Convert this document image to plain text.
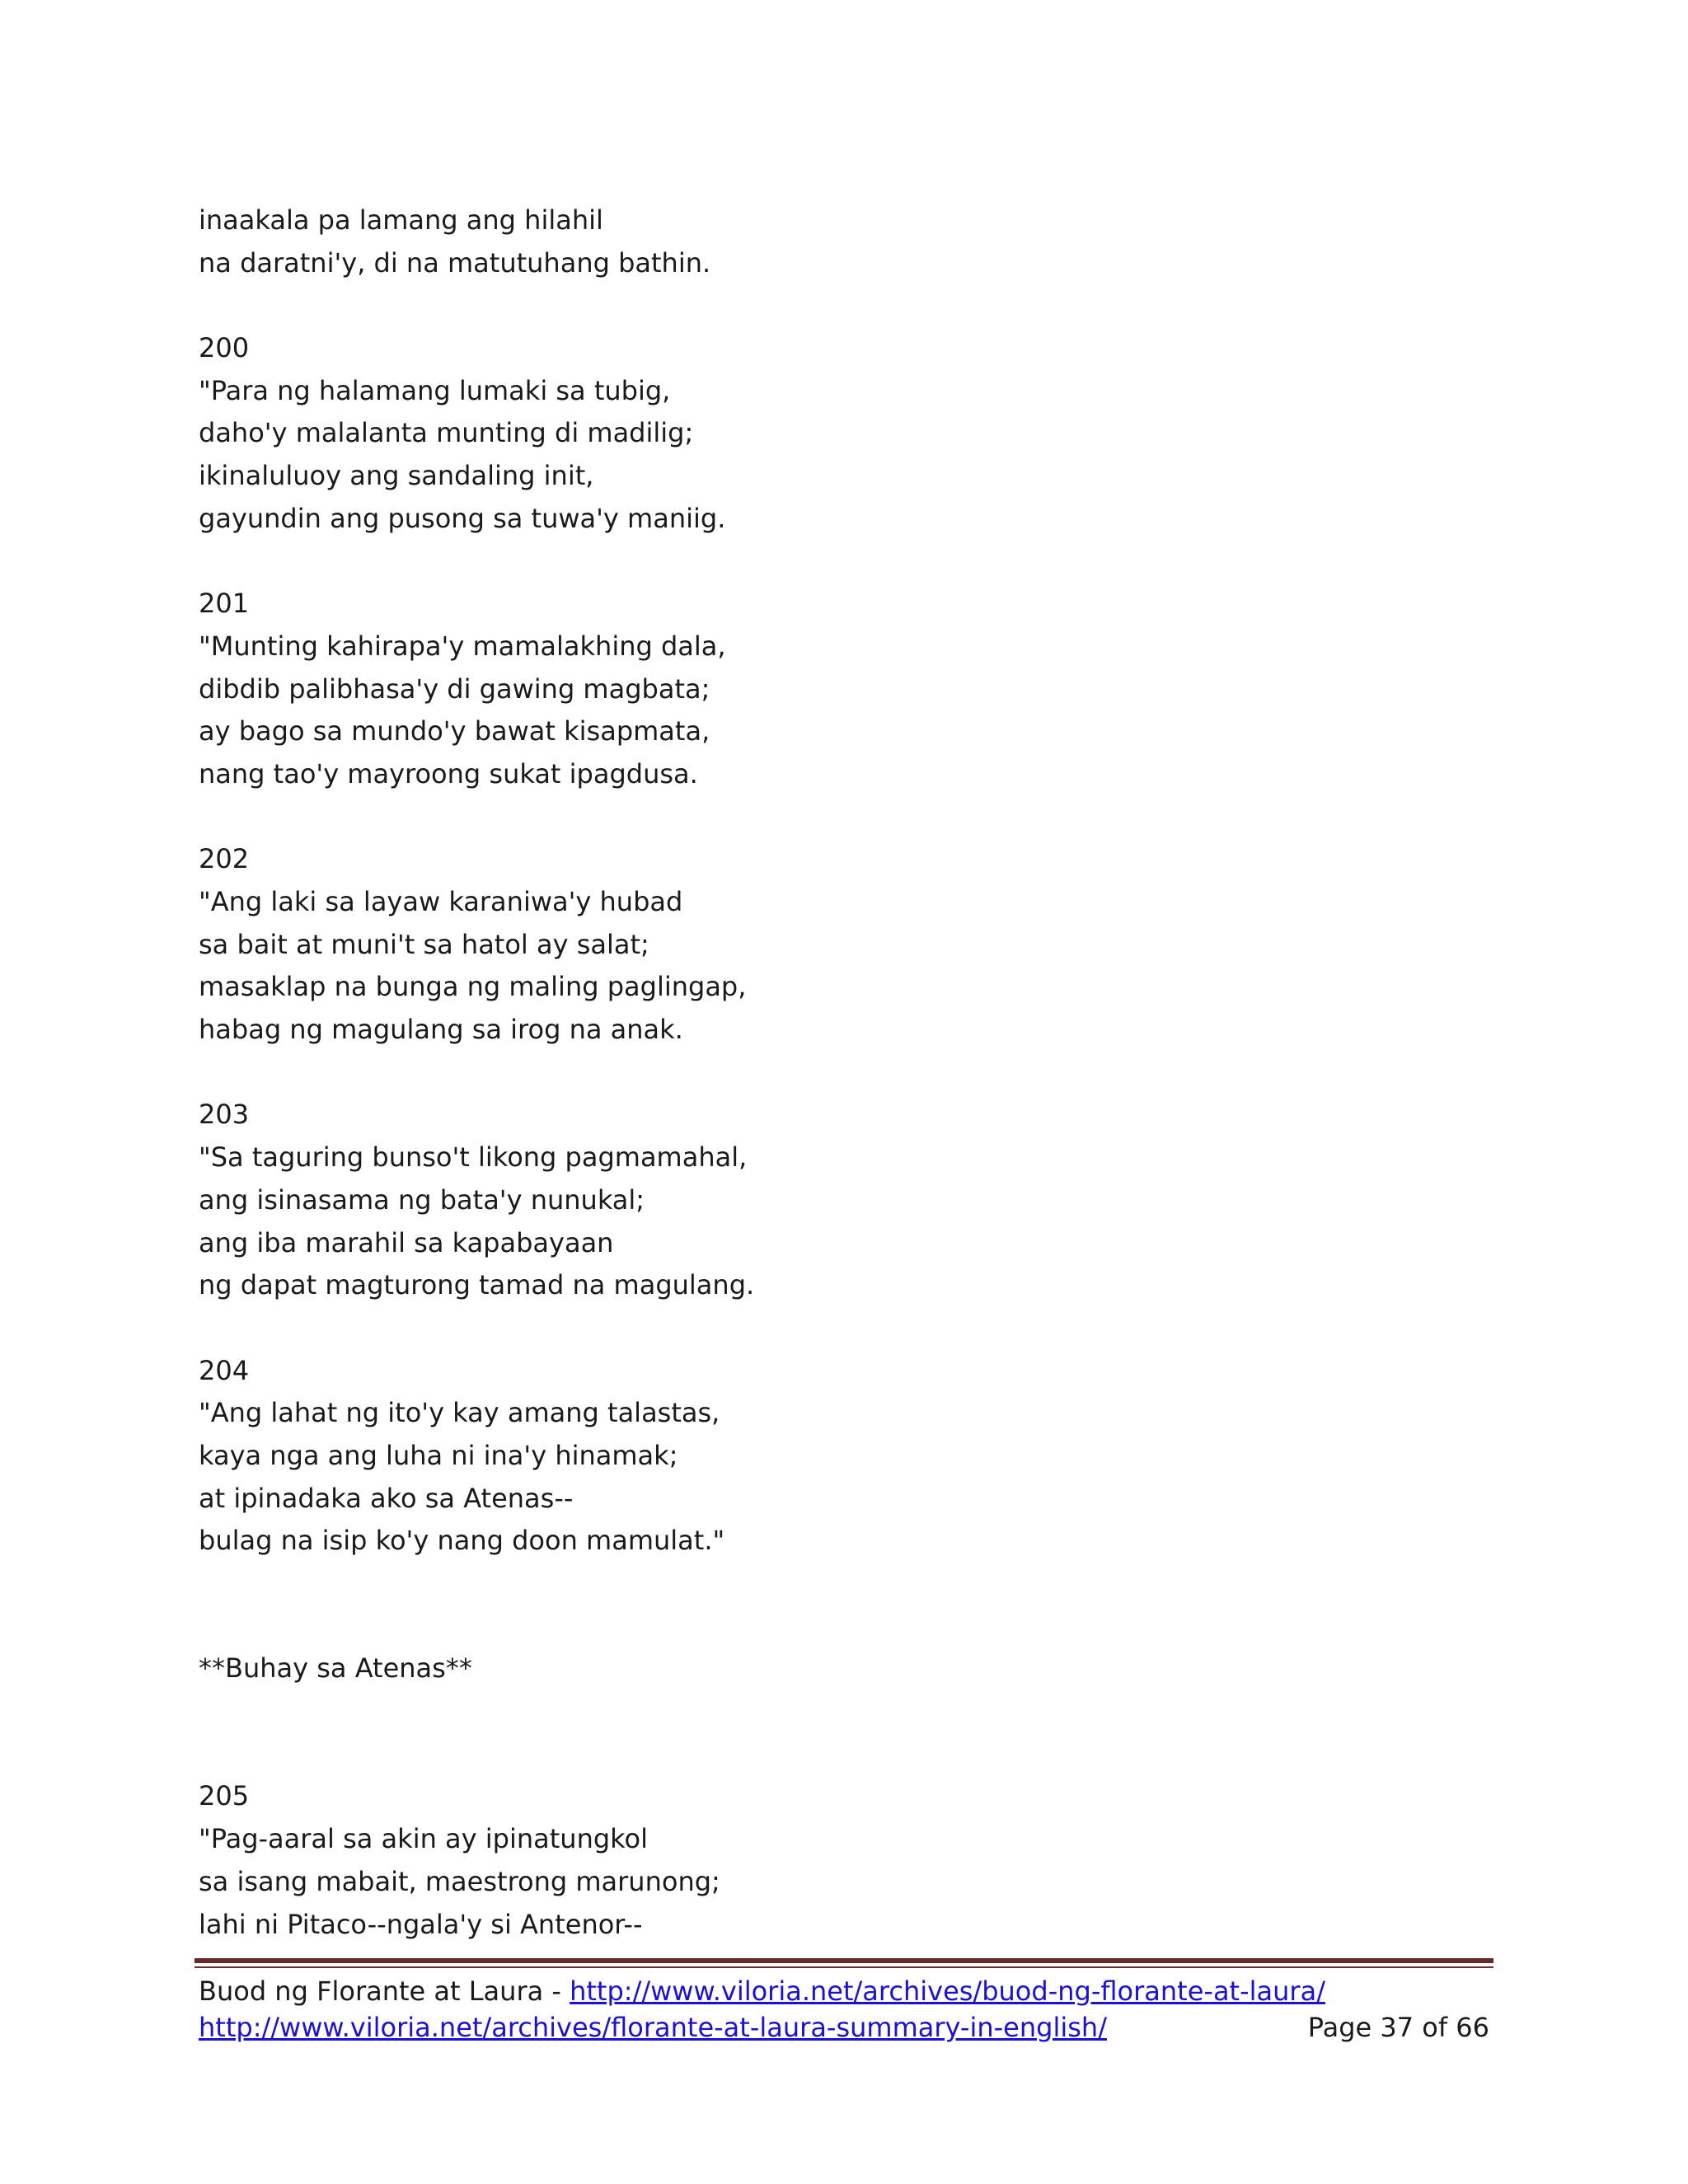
inaakala pa lamang ang hilahil
na daratni'y, di na matutuhang bathin.
200
"Para ng halamang lumaki sa tubig,
daho'y malalanta munting di madilig;
ikinaluluoy ang sandaling init,
gayundin ang pusong sa tuwa'y maniig.
201
"Munting kahirapa'y mamalakhing dala,
dibdib palibhasa'y di gawing magbata;
ay bago sa mundo'y bawat kisapmata,
nang tao'y mayroong sukat ipagdusa.
202
"Ang laki sa layaw karaniwa'y hubad
sa bait at muni't sa hatol ay salat;
masaklap na bunga ng maling paglingap,
habag ng magulang sa irog na anak.
203
"Sa taguring bunso't likong pagmamahal,
ang isinasama ng bata'y nunukal;
ang iba marahil sa kapabayaan
ng dapat magturong tamad na magulang.
204
"Ang lahat ng ito'y kay amang talastas,
kaya nga ang luha ni ina'y hinamak;
at ipinadaka ako sa Atenas--
bulag na isip ko'y nang doon mamulat."
**Buhay sa Atenas**
205
"Pag-aaral sa akin ay ipinatungkol
sa isang mabait, maestrong marunong;
lahi ni Pitaco--ngala'y si Antenor--
Buod ng Florante at Laura - http://www.viloria.net/archives/buod-ng-florante-at-laura/
http://www.viloria.net/archives/florante-at-laura-summary-in-english/	Page 37 of 66
